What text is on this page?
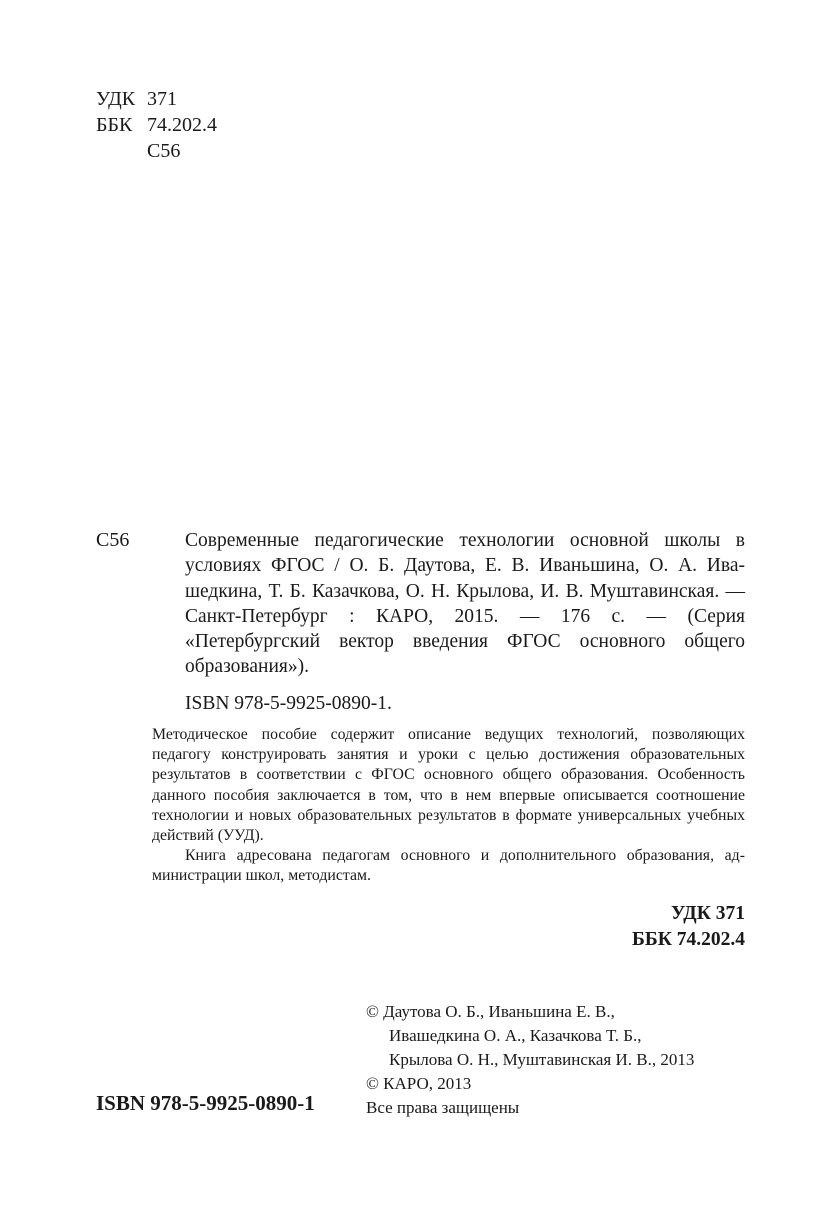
УДК 371
ББК 74.202.4
С56
С56	Современные педагогические технологии основной школы в условиях ФГОС / О. Б. Даутова, Е. В. Иваньшина, О. А. Ивашедкина, Т. Б. Казачкова, О. Н. Крылова, И. В. Муштавинская. — Санкт-Петербург : КАРО, 2015. — 176 с. — (Серия «Петербургский вектор введения ФГОС основного общего образования»).
ISBN 978-5-9925-0890-1.

Методическое пособие содержит описание ведущих технологий, позволяющих педагогу конструировать занятия и уроки с целью достижения образовательных результатов в соответствии с ФГОС основного общего образования. Особенность данного пособия заключается в том, что в нем впервые описывается соотношение технологии и новых образовательных результатов в формате универсальных учебных действий (УУД).

Книга адресована педагогам основного и дополнительного образования, администрации школ, методистам.

УДК 371
ББК 74.202.4
© Даутова О. Б., Иваньшина Е. В.,
Ивашедкина О. А., Казачкова Т. Б.,
Крылова О. Н., Муштавинская И. В., 2013
© КАРО, 2013
Все права защищены
ISBN 978-5-9925-0890-1
